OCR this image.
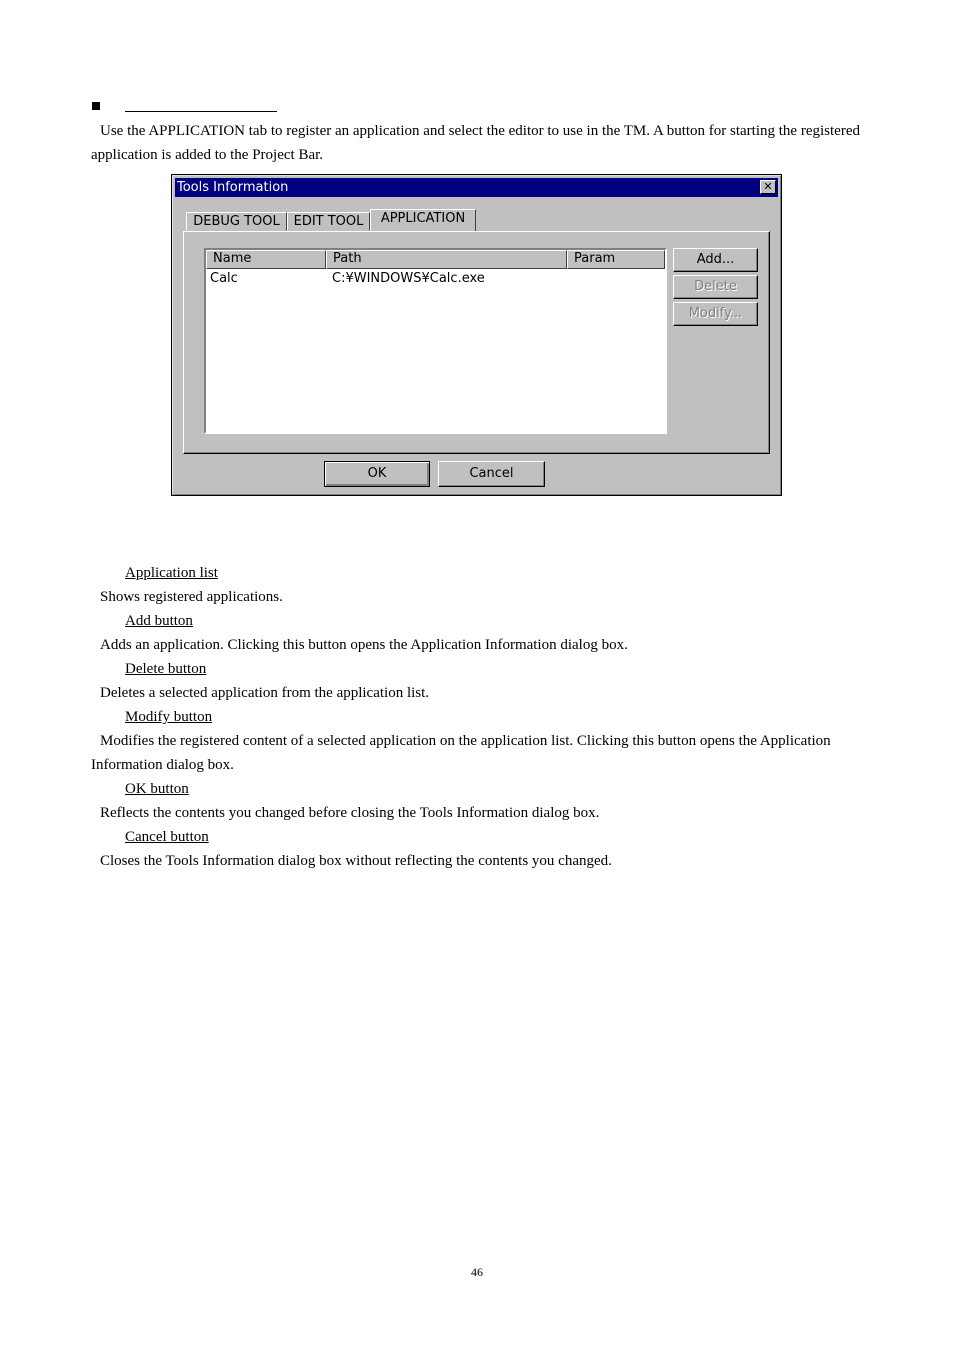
Use the APPLICATION tab to register an application and select the editor to use in the TM. A button for starting the registered application is added to the Project Bar.
Tools Information	✕
DEBUG TOOL	EDIT TOOL	APPLICATION
Name	Path	Param
Calc	C:¥WINDOWS¥Calc.exe
Add...
Delete
Modify...
OK	Cancel
Application list
Shows registered applications.
Add button
Adds an application. Clicking this button opens the Application Information dialog box.
Delete button
Deletes a selected application from the application list.
Modify button
Modifies the registered content of a selected application on the application list. Clicking this button opens the Application Information dialog box.
OK button
Reflects the contents you changed before closing the Tools Information dialog box.
Cancel button
Closes the Tools Information dialog box without reflecting the contents you changed.
46
